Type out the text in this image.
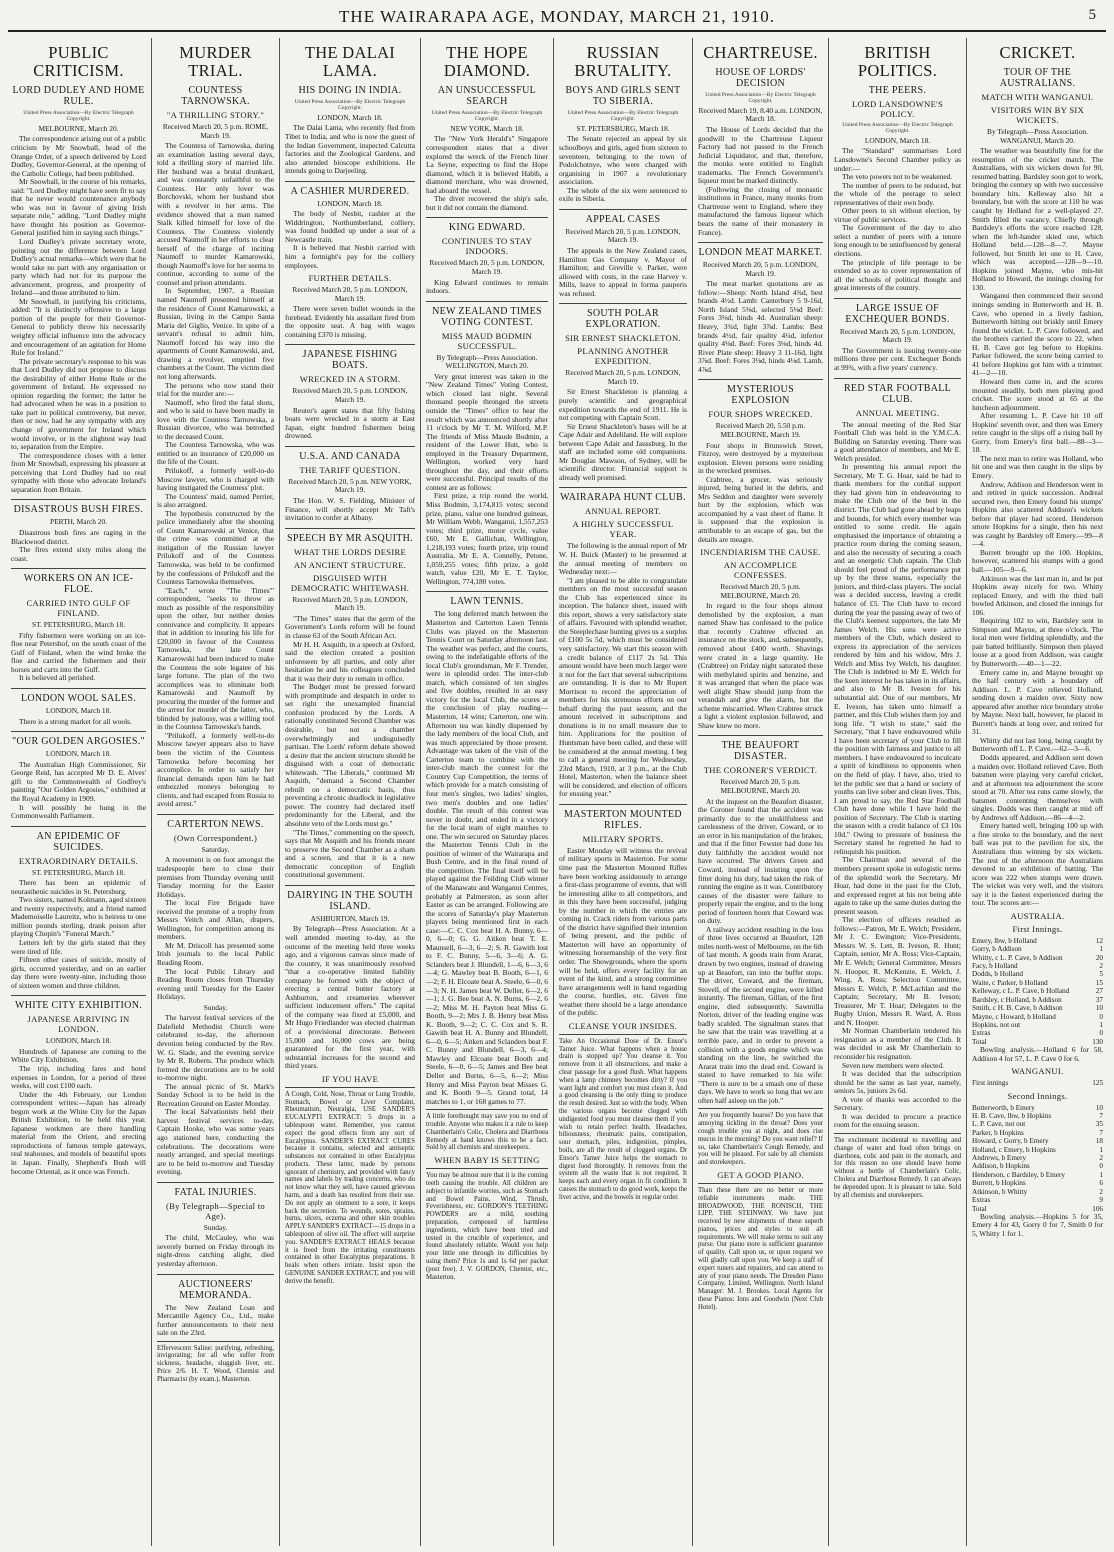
THE WAIRARAPA AGE, MONDAY, MARCH 21, 1910.	5
PUBLIC CRITICISM.
LORD DUDLEY AND HOME RULE.
United Press Association—By Electric Telegraph Copyright.
MELBOURNE, March 20.
The correspondence arising out of a public criticism by Mr Snowball, head of the Orange Order, of a speech delivered by Lord Dudley, Governor-General, at the opening of the Catholic College, had been published.
Mr Snowball, in the course of his remarks, said: "Lord Dudley might have seen fit to say that he never would countenance anybody who was not in favour of giving Irish separate rule," adding, "Lord Dudley might have thought his position as Governor-General justified him in saying such things."
Lord Dudley's private secretary wrote, pointing out the difference between Lord Dudley's actual remarks—which were that he would take no part with any organisation or party which had not for its purpose the advancement, progress, and prosperity of Ireland—and those attributed to him.
Mr Snowball, in justifying his criticisms, added: "It is distinctly offensive to a large portion of the people for their Governor-General to publicly throw his necessarily weighty official influence into the advocacy and encouragement of an agitation for Home Rule for Ireland."
The private secretary's response to his was that Lord Dudley did not propose to discuss the desirability of either Home Rule or the government of Ireland. He expressed no opinion regarding the former; the latter he had advocated when he was in a position to take part in political controversy, but never, then or now, had he any sympathy with any change of government for Ireland which would involve, or in the slightest way lead to, separation from the Empire.
The correspondence closes with a letter from Mr Snowball, expressing his pleasure at perceiving that Lord Dudley had no real sympathy with those who advocate Ireland's separation from Britain.
DISASTROUS BUSH FIRES.
PERTH, March 20.
Disastrous bush fires are raging in the Blackwood district.
The fires extend sixty miles along the coast.
WORKERS ON AN ICE-FLOE.
CARRIED INTO GULF OF FINLAND.
ST. PETERSBURG, March 18.
Fifty fishermen were working on an ice-floe near Petershof, on the south coast of the Gulf of Finland, when the wind broke the floe and carried the fishermen and their horses and carts into the Gulf.
It is believed all perished.
LONDON WOOL SALES.
LONDON, March 18.
There is a strong market for all wools.
"OUR GOLDEN ARGOSIES."
LONDON, March 18.
The Australian High Commissioner, Sir George Reid, has accepted Mr D. E. Alves' gift to the Commonwealth of Godfrey's painting "Our Golden Argosies," exhibited at the Royal Academy in 1909.
It will possibly be hung in the Commonwealth Parliament.
AN EPIDEMIC OF SUICIDES.
EXTRAORDINARY DETAILS.
ST. PETERSBURG, March 18.
There has been an epidemic of neurasthenic suicides in St. Petersburg.
Two sisters, named Kolmann, aged sixteen and twenty respectively, and a friend named Mademoiselle Laureitz, who is heiress to one million pounds sterling, drank poison after playing Chopin's "Funeral March."
Letters left by the girls stated that they were tired of life.
Fifteen other cases of suicide, mostly of girls, occurred yesterday, and on an earlier day there were twenty-nine, including those of sixteen women and three children.
WHITE CITY EXHIBITION.
JAPANESE ARRIVING IN LONDON.
LONDON, March 18.
Hundreds of Japanese are coming to the White City Exhibition.
The trip, including fares and hotel expenses in London, for a period of three weeks, will cost £100 each.
Under the 4th February, our London correspondent writes:—Japan has already begun work at the White City for the Japan British Exhibition, to be held this year. Japanese workmen are there handling material from the Orient, and erecting reproductions of famous temple gateways, real teahouses, and models of beautiful spots in Japan. Finally, Shepherd's Bush will become Oriental, as it once was French.
MURDER TRIAL.
COUNTESS TARNOWSKA.
"A THRILLING STORY."
Received March 20, 5 p.m. ROME, March 19.
The Countess of Tarnowska, during an examination lasting several days, told a thrilling story of married life. Her husband was a brutal drunkard, and was constantly unfaithful to the Countess. Her only lover was Borchovski, whom her husband shot with a revolver in her arms. The evidence showed that a man named Stalk killed himself for love of the Countess. The Countess violently accused Naumoff in her efforts to clear herself of the charge of inciting Naumoff to murder Kamarowski, though Naumoff's love for her seems to continue, according to some of the counsel and prison attendants.
In September, 1907, a Russian named Naumoff presented himself at the residence of Count Kamarowski, a Russian, living in the Campo Santa Maria del Giglio, Venice. In spite of a servant's refusal to admit him, Naumoff forced his way into the apartments of Count Kamarowski, and, drawing a revolver, emptied five chambers at the Count. The victim died not long afterwards.
The persons who now stand their trial for the murder are:—
Naumoff, who fired the fatal shots, and who is said to have been madly in love with the Countess Tarnowska, a Russian divorcee, who was betrothed to the deceased Count.
The Countess Tarnowska, who was entitled to an insurance of £20,000 on the life of the Count.
Prilukoff, a formerly well-to-do Moscow lawyer, who is charged with having instigated the Countess' plot.
The Countess' maid, named Perrier, is also arraigned.
The hypothesis constructed by the police immediately after the shooting of Count Kamarowski at Venice, that the crime was committed at the instigation of the Russian lawyer Prilukoff and of the Countess Tarnowska, was held to be confirmed by the confessions of Prilukoff and the Countess Tarnowska themselves.
"Each," wrote "The Times'" correspondent, "seeks to throw as much as possible of the responsibility upon the other, but neither denies connivance and complicity. It appears that in addition to insuring his life for £20,000 in favour of the Countess Tarnowska, the late Count Kamarowski had been induced to make the Countess the sole legatee of his large fortune. The plan of the two accomplices was to eliminate both Kamarowski and Naumoff by procuring the murder of the former and the arrest for murder of the latter, who, blinded by jealousy, was a willing tool in the Countess Tarnowska's hands.
"Prilukoff, a formerly well-to-do Moscow lawyer appears also to have been the victim of the Countess Tarnowska before becoming her accomplice. In order to satisfy her financial demands upon him he had embezzled moneys belonging to clients, and had escaped from Russia to avoid arrest."
CARTERTON NEWS.
(Own Correspondent.)
Saturday.
A movement is on foot amongst the tradespeople here to close their premises from Thursday evening until Tuesday morning for the Easter Holidays.
The local Fire Brigade have received the promise of a trophy from Messrs Veitch and Allan, drapers, Wellington, for competition among its members.
Mr M. Driscoll has presented some Irish journals to the local Public Reading Room.
The local Public Library and Reading Room closes from Thursday evening until Tuesday for the Easter Holidays.
Sunday.
The harvest festival services of the Dalefield Methodist Church were celebrated to-day, the afternoon devotion being conducted by the Rev. W. G. Slade, and the evening service by Mr R. Roberts. The produce which formed the decorations are to be sold to-morrow night.
The annual picnic of St. Mark's Sunday School is to be held in the Recreation Ground on Easter Monday.
The local Salvationists held their harvest festival services to-day, Captain Hooke, who was some years ago stationed here, conducting the celebrations. The decorations were neatly arranged, and special meetings are to be held to-morrow and Tuesday evening.
FATAL INJURIES.
(By Telegraph—Special to Age).
Sunday.
The child, McCauley, who was severely burned on Friday through its night-dress catching alight, died yesterday afternoon.
AUCTIONEERS' MEMORANDA.
The New Zealand Loan and Mercantile Agency Co., Ltd., make further announcements to their next sale on the 23rd.
Effervescent Saline: purifying, refreshing, invigorating; for all who suffer from sickness, headache, sluggish liver, etc. Price 2/6. H. T. Wood, Chemist and Pharmacist (by exam.), Masterton.
THE DALAI LAMA.
HIS DOING IN INDIA.
United Press Association—By Electric Telegraph Copyright.
LONDON, March 18.
The Dalai Lama, who recently fled from Tibet to India, and who is now the guest of the Indian Government, inspected Calcutta factories and the Zoological Gardens, and also attended bioscope exhibitions. He intends going to Darjeeling.
A CASHIER MURDERED.
LONDON, March 18.
The body of Nesbit, cashier at the Widdrington, Northumberland, colliery, was found huddled up under a seat of a Newcastle train.
It is believed that Nesbit carried with him a fortnight's pay for the colliery employees.
FURTHER DETAILS.
Received March 20, 5 p.m. LONDON, March 19.
There were seven bullet wounds in the forehead. Evidently his assailant fired from the opposite seat. A bag with wages containing £370 is missing.
JAPANESE FISHING BOATS.
WRECKED IN A STORM.
Received March 20, 5 p.m. LONDON, March 19.
Reuter's agent states that fifty fishing boats were wrecked in a storm at East Japan, eight hundred fishermen being drowned.
U.S.A. AND CANADA
THE TARIFF QUESTION.
Received March 20, 5 p.m. NEW YORK, March 19.
The Hon. W. S. Fielding, Minister of Finance, will shortly accept Mr Taft's invitation to confer at Albany.
SPEECH BY MR ASQUITH.
WHAT THE LORDS DESIRE
AN ANCIENT STRUCTURE.
DISGUISED WITH DEMOCRATIC WHITEWASH.
Received March 20, 5 p.m. LONDON, March 19.
"The Times" states that the germ of the Government's Lords reform will be found in clause 63 of the South African Act.
Mr H. H. Asquith, in a speech at Oxford, said the election created a position unforeseen by all parties, and only after hesitation he and his colleagues concluded that it was their duty to remain in office.
The Budget must be pressed forward with promptitude and despatch in order to set right the unexampled financial confusion produced by the Lords. A rationally constituted Second Chamber was desirable, but not a chamber overwhelmingly and undisguisedly partisan. The Lords' reform debate showed a desire that the ancient structure should be disguised with a coat of democratic whitewash. "The Liberals," continued Mr Asquith, "demand a Second Chamber rebuilt on a democratic basis, thus preventing a chronic deadlock in legislative power. The country had declared itself predominantly for the Liberal, and the absolute veto of the Lords must go."
"The Times," commenting on the speech, says that Mr Asquith and his friends meant to preserve the Second Chamber as a sham and a screen, and that it is a new democratic conception of English constitutional government.
DAIRYING IN THE SOUTH ISLAND.
ASHBURTON, March 19.
By Telegraph—Press Association. At a well attended meeting to-day, as the outcome of the meeting held three weeks ago, and a vigorous canvas since made of the country, it was unanimously resolved "that a co-operative limited liability company be formed with the object of erecting a central butter factory at Ashburton, and creameries wherever sufficient inducement offers." The capital of the company was fixed at £5,000, and Mr Hugo Friedlander was elected chairman of a provisional directorate. Between 15,000 and 16,000 cows are being guaranteed for the first year, with substantial increases for the second and third years.
IF YOU HAVE
A Cough, Cold, Nose, Throat or Lung Trouble, Stomach, Bowel or Liver Complaint, Rheumatism, Neuralgia, USE SANDER'S EUCALYPTI EXTRACT: 5 drops in a tablespoon water. Remember, you cannot expect the good effects from any sort of Eucalyptus. SANDER'S EXTRACT CURES because it contains, selected and antiseptic substances not contained in other Eucalyptus products. These latter, made by persons ignorant of chemistry, and provided with fancy names and labels by trading concerns, who do not know what they sell, have caused grievous harm, and a death has resulted from their use. Do not apply an ointment to a sore, it keeps back the secretion. To wounds, sores, sprains, burns, ulcers, eczema and other skin troubles APPLY SANDER'S EXTRACT—15 drops in a tablespoon of olive oil. The effect will surprise you. SANDER'S EXTRACT HEALS because it is freed from the irritating constituents contained in other Eucalyptus preparations. It heals when others irritate. Insist upon the GENUINE SANDER EXTRACT, and you will derive the benefit.
THE HOPE DIAMOND.
AN UNSUCCESSFUL SEARCH
United Press Association—By Electric Telegraph Copyright.
NEW YORK, March 18.
The "New York Herald's" Singapore correspondent states that a diver explored the wreck of the French liner La Seyne, expecting to find the Hope diamond, which it is believed Habib, a diamond merchant, who was drowned, had aboard the vessel.
The diver recovered the ship's safe, but it did not contain the diamond.
KING EDWARD.
CONTINUES TO STAY INDOORS.
Received March 20, 5 p.m. LONDON, March 19.
King Edward continues to remain indoors.
NEW ZEALAND TIMES VOTING CONTEST.
MISS MAUD BODMIN SUCCESSFUL.
By Telegraph—Press Association. WELLINGTON, March 20.
Very great interest was taken in the "New Zealand Times" Voting Contest, which closed last night. Several thousand people thronged the streets outside the "Times" office to hear the result which was announced shortly after 11 o'clock by Mr T. M. Wilford, M.P. The friends of Miss Maude Bodmin, a resident of the Lower Hutt, who is employed in the Treasury Department, Wellington, worked very hard throughout the day, and their efforts were successful. Principal results of the contest are as follows:
First prize, a trip round the world, Miss Bodmin, 3,174,815 votes; second prize, piano, value one hundred guineas, Mr William Webb, Wanganui, 1,557,253 votes; third prize, motor cycle, value £60, Mr E. Gallichan, Wellington, 1,218,193 votes; fourth prize, trip round Australia, Mr E. A. Connelly, Petone, 1,059,255 votes; fifth prize, a gold watch, value £20, Mr E. T. Taylor, Wellington, 774,180 votes.
LAWN TENNIS.
The long deferred match between the Masterton and Carterton Lawn Tennis Clubs was played on the Masterton Tennis Court on Saturday afternoon last. The weather was perfect, and the courts, owing to the indefatigable efforts of the local Club's groundsman, Mr F. Trender, were in splendid order. The inter-club match, which consisted of ten singles and five doubles, resulted in an easy victory for the local Club, the scores at the conclusion of play reading—Masterton, 14 wins; Carterton, one win. Afternoon tea was kindly dispensed by the lady members of the local Club, and was much appreciated by those present. Advantage was taken of the visit of the Carterton team to combine with the inter-club match the contest for the Country Cup Competition, the terms of which provide for a match consisting of four men's singles, two ladies' singles, two men's doubles and one ladies' double. The result of this contest was never in doubt, and ended in a victory for the local team of eight matches to one. The win secured on Saturday places the Masterton Tennis Club in the position of winner of the Wairarapa and Bush Centre, and in the final round of the competition. The final itself will be played against the Feilding Club winner of the Manawatu and Wanganui Centres, probably at Palmerston, as soon after Easter as can be arranged. Following are the scores of Saturday's play Masterton players being mentioned first in each case:—C. C. Cox beat H. A. Bunny, 6—0, 6—0; G. G. Aitken beat T. E. Maunsell, 6—3, 6—2; S. R. Gawith lost to F. C. Bunny, 5—6, 3—6; A. G. Sclanders beat J. Blundell, 1—6, 6—3, 6—4; G. Mawley beat B. Booth, 6—1, 6—2; F. H. Elcoate beat A. Steele, 6—0, 6—3; N. H. James beat W. Deller, 6—2, 6—1; J. G. Bee beat A. N. Burns, 6—2, 6—2; Miss M. H. Payton beat Miss G. Booth, 9—2; Mrs J. B. Henry beat Miss K. Booth, 9—2; C. C. Cox and S. R. Gawith beat H. A. Bunny and Blundell, 6—0, 6—5; Aitken and Sclanders beat F. C. Bunny and Blundell, 6—3, 6—4; Mawley and Elcoate beat Booth and Steele, 6—0, 6—5; James and Bee beat Deller and Burns, 6—5, 6—2; Miss Henry and Miss Payton beat Misses G. and K. Booth 9—5. Grand total, 14 matches to 1, or 168 games to 77.
A little forethought may save you no end of trouble. Anyone who makes it a rule to keep Chamberlain's Colic, Cholera and Diarrhoea Remedy at hand knows this to be a fact. Sold by all chemists and storekeepers.
WHEN BABY IS SETTING
You may be almost sure that it is the coming teeth causing the trouble. All children are subject to infantile worries, such as Stomach and Bowel Pains, Wind, Thrush, Feverishness, etc. GORDON'S TEETHING POWDERS are a mild, soothing preparation, composed of harmless ingredients, which have been tried and tested in the crucible of experience, and found absolutely reliable. Would you help your little one through its difficulties by using them? Price 1s and 1s 6d per packet (post free). J. V. GORDON, Chemist, etc., Masterton.
RUSSIAN BRUTALITY.
BOYS AND GIRLS SENT TO SIBERIA.
United Press Association—By Electric Telegraph Copyright.
ST. PETERSBURG, March 18.
The Senate rejected an appeal by six schoolboys and girls, aged from sixteen to seventeen, belonging to the town of Podolchotnye, who were charged with organising in 1907 a revolutionary association.
The whole of the six were sentenced to exile in Siberia.
APPEAL CASES
Received March 20, 5 p.m. LONDON, March 19.
The appeals in the New Zealand cases, Hamilton Gas Company v. Mayor of Hamilton; and Greville v. Parker, were allowed with costs, in the case Harvey v. Mills, leave to appeal in forma pauperis was refused.
SOUTH POLAR EXPLORATION.
SIR ERNEST SHACKLETON.
PLANNING ANOTHER EXPEDITION.
Received March 20, 5 p.m. LONDON, March 19.
Sir Ernest Shackleton is planning a purely scientific and geographical expedition towards the end of 1911. He is not competing with Captain Scott.
Sir Ernest Shackleton's bases will be at Cape Adair and Adeliland. He will explore between Cape Adair and Jaussburg. In the staff are included some old companions. Mr Douglas Mawson, of Sydney, will be scientific director. Financial support is already well promised.
WAIRARAPA HUNT CLUB.
ANNUAL REPORT.
A HIGHLY SUCCESSFUL YEAR.
The following is the annual report of Mr W. H. Buick (Master) to be presented at the annual meeting of members on Wednesday next:—
"I am pleased to be able to congratulate members on the most successful season the Club has experienced since its inception. The balance sheet, issued with this report, shows a very satisfactory state of affairs. Favoured with splendid weather, the Steeplechase hunting gives us a surplus of £100 5s 5d, which must be considered very satisfactory. We start this season with a credit balance of £117 2s 5d. This amount would have been much larger were it not for the fact that several subscriptions are outstanding. It is due to Mr Rupert Morrison to record the appreciation of members for his strenuous efforts on our behalf during the past season, and the amount received in subscriptions and donations is in no small measure due to him. Applications for the position of Huntsman have been called, and these will be considered at the annual meeting. I beg to call a general meeting for Wednesday, 23rd March, 1910, at 3 p.m., at the Club Hotel, Masterton, when the balance sheet will be considered, and election of officers for ensuing year."
MASTERTON MOUNTED RIFLES.
MILITARY SPORTS.
Easter Monday will witness the revival of military sports in Masterton. For some time past the Masterton Mounted Rifles have been working assiduously to arrange a first-class programme of events, that will be interesting alike to all competitors, and in this they have been successful, judging by the number in which the entries are coming in. Crack riders from various parts of the district have signified their intention of being present, and the public of Masterton will have an opportunity of witnessing horsemanship of the very first order. The Showgrounds, where the sports will be held, offers every facility for an event of the kind, and a strong committee have arrangements well in hand regarding the course, hurdles, etc. Given fine weather there should be a large attendance of the public.
CLEANSE YOUR INSIDES.
Take An Occasional Dose of Dr. Ensor's Tamer Juice. What happens when a house drain is stopped up? You cleanse it. You remove from it all obstructions, and make a clear passage for a good flush. What happens when a lamp chimney becomes dirty? If you want light and comfort you must clean it. And a good cleansing is the only thing to produce the result desired. Just so with the body. When the various organs become clogged with undigested food you must cleanse them if you wish to retain perfect health. Headaches, biliousness, rheumatic pains, constipation, sour stomach, piles, indigestion, pimples, boils, are all the result of clogged organs. Dr Ensor's Tamer Juice helps the stomach to digest food thoroughly. It removes from the system all the waste that is not required. It keeps each and every organ in fit condition. It causes the stomach to do good work, keeps the liver active, and the bowels in regular order.
CHARTREUSE.
HOUSE OF LORDS' DECISION
United Press Association—By Electric Telegraph Copyright.
Received March 19, 8.40 a.m. LONDON, March 18.
The House of Lords decided that the goodwill to the Chartreuse Liqueur Factory had not passed to the French Judicial Liquidator, and that, therefore, the monks were entitled to English trademarks. The French Government's liqueur must be marked distinctly.
(Following the closing of monastic institutions in France, many monks from Chartreuse went to England, where they manufactured the famous liqueur which bears the name of their monastery in France).
LONDON MEAT MARKET.
Received March 20, 5 p.m. LONDON, March 19.
The meat market quotations are as follow:—Sheep: North Island 4¾d, best brands 4½d. Lamb: Canterbury 5 9-16d, North Island 5⅜d, selected 5⅛d Beef: Fores 3⅛d, hinds 4d. Australian sheep: Heavy, 3¾d, light 3⅞d. Lambs: Best brands 4½d, fair quality 4¼d, inferior quality 4⅛d. Beef: Fores 3⅛d, hinds 4d. River Plate sheep: Heavy 3 11-16d, light 3⅞d. Beef: Fores 3⅛d, hinds 4⅛d. Lamb, 4⅞d.
MYSTERIOUS EXPLOSION
FOUR SHOPS WRECKED.
Received March 20, 5.50 p.m. MELBOURNE, March 19.
Four shops in Brunswick Street, Fitzroy, were destroyed by a mysterious explosion. Eleven persons were residing in the wrecked premises.
Crabtree, a grocer, was seriously injured, being buried in the debris, and Mrs Seddon and daughter were severely hurt by the explosion, which was accompanied by a vast sheet of flame. It is supposed that the explosion is attributable to an escape of gas, but the details are meagre.
INCENDIARISM THE CAUSE.
AN ACCOMPLICE CONFESSES.
Received March 20, 5 p.m. MELBOURNE, March 20.
In regard to the four shops almost demolished by the explosion, a man named Shaw has confessed to the police that recently Crabtree effected an insurance on the stock, and, subsequently, removed about £400 worth. Shavings were crated in a large quantity. He (Crabtree) on Friday night saturated these with methylated spirits and benzine, and it was arranged that when the place was well alight Shaw should jump from the verandah and give the alarm, but the scheme miscarried. When Crabtree struck a light a violent explosion followed, and Shaw knew no more.
THE BEAUFORT DISASTER.
THE CORONER'S VERDICT.
Received March 20, 5 p.m. MELBOURNE, March 20.
At the inquest on the Beaufort disaster, the Coroner found that the accident was primarily due to the unskilfulness and carelessness of the driver, Coward, or to an error in his manipulation of the brakes, and that if the fitter Fewster had done his duty faithfully the accident would not have occurred. The drivers Green and Coward, instead of insisting upon the fitter doing his duty, had taken the risk of running the engine as it was. Contributory causes of the disaster were failure to properly repair the engine, and to the long period of fourteen hours that Coward was on duty.
A railway accident resulting in the loss of three lives occurred at Beaufort, 128 miles north-west of Melbourne, on the 6th of last month. A goods train from Ararat, drawn by two engines, instead of drawing up at Beaufort, ran into the buffer stops. The driver, Coward, and the fireman, Stovell, of the second engine, were killed instantly. The fireman, Gillan, of the first engine, died subsequently. Sawmilla Norton, driver of the leading engine was badly scalded. The signalman states that he saw that the train was travelling at a terrible pace, and in order to prevent a collision with a goods engine which was standing on the line, he switched the Ararat train into the dead end. Coward is stated to have remarked to his wife: "There is sure to be a smash one of these days. We have to work so long that we are often half asleep on the job."
Are you frequently hoarse? Do you have that annoying tickling in the throat? Does your cough trouble you at night, and does rise mucus in the morning? Do you want relief? If so, take Chamberlain's Cough Remedy, and you will be pleased. For sale by all chemists and storekeepers.
GET A GOOD PIANO.
Than these there are no better or more reliable instruments made. THE BROADWOOD, THE RONISCH, THE LIPP, THE STEINWAY. We have just received by new shipments of these superb pianos, prices and styles to suit all requirements. We will make terms to suit any purse. Our piano store is sufficient guarantee of quality. Call upon us, or upon request we will gladly call upon you. We keep a staff of expert tuners and repairers, and can attend to any of your piano needs. The Dresden Piano Company, Limited, Wellington. North Island Manager: M. J. Brookes. Local Agents for these Pianos: Ions and Goodwin (Next Club Hotel).
BRITISH POLITICS.
THE PEERS.
LORD LANSDOWNE'S POLICY.
United Press Association—By Electric Telegraph Copyright.
LONDON, March 18.
The "Standard" summarises Lord Lansdowne's Second Chamber policy as under:—
The veto powers not to be weakened.
The number of peers to be reduced, but the whole of the peerage to select representatives of their own body.
Other peers to sit without election, by virtue of public services.
The Government of the day to also select a number of peers with a tenure long enough to be uninfluenced by general elections.
The principle of life peerage to be extended so as to cover representation of all the schools of political thought and great interests of the country.
LARGE ISSUE OF EXCHEQUER BONDS.
Received March 20, 5 p.m. LONDON, March 19.
The Government is issuing twenty-one millions three per cent. Exchequer Bonds at 99¾, with a five years' currency.
RED STAR FOOTBALL CLUB.
ANNUAL MEETING.
The annual meeting of the Red Star Football Club was held in the Y.M.C.A. Building on Saturday evening. There was a good attendance of members, and Mr E. Welch presided.
In presenting his annual report the Secretary, Mr T. G. Hoar, said he had to thank members for the cordial support they had given him in endeavouring to make the Club one of the best in the district. The Club had gone ahead by leaps and bounds, for which every member was entitled to some credit. He again emphasised the importance of obtaining a practice room during the coming season, and also the necessity of securing a coach and an energetic Club captain. The Club should feel proud of the performance put up by the three teams, especially the juniors, and third-class players. The social was a decided success, leaving a credit balance of £5. The Club have to record during the year the passing away of two of the Club's keenest supporters, the late Mr James Welch. His sons were active members of the Club, which desired to express its appreciation of the services rendered by him and his widow, Mrs J. Welch and Miss Ivy Welch, his daughter. The Club is indebted to Mr E. Welch for the keen interest he has taken in its affairs, and also to Mr B. Iveson for his substantial aid. One of our members, Mr E. Iveson, has taken unto himself a partner, and this Club wishes them joy and long life. "I wish to state," said the Secretary, "that I have endeavoured while I have been secretary of your Club to fill the position with fairness and justice to all members. I have endeavoured to inculcate a spirit of kindliness to opponents when on the field of play. I have, also, tried to let the public see that a band or society of youths can live sober and clean lives. This, I am proud to say, the Red Star Football Club have done while I have held the position of Secretary. The Club is starting the season with a credit balance of £3 10s 10d." Owing to pressure of business the Secretary stated he regretted he had to relinquish his position.
The Chairman and several of the members present spoke in eulogistic terms of the splendid work the Secretary, Mr Hoar, had done in the past for the Club, and expressed regret at his not being able again to take up the same duties during the present season.
The election of officers resulted as follows:—Patron, Mr E. Welch; President, Mr J. C. Ewington; Vice-Presidents, Messrs W. S. Lett, B. Iveson, R. Hunt; Captain, senior, Mr A. Ross; Vice-Captain, Mr E. Welch; General Committee, Messrs N. Hooper, R. McKenzie, E. Welch, J. Wing, A. Ross; Selection Committee, Messrs E. Welch, P. McLachlan and the Captain; Secretary, Mr B. Iveson; Treasurer, Mr T. Hoar; Delegates to the Rugby Union, Messrs R. Ward, A. Ross and N. Hooper.
Mr Norman Chamberlain tendered his resignation as a member of the Club. It was decided to ask Mr Chamberlain to reconsider his resignation.
Seven new members were elected.
It was decided that the subscription should be the same as last year, namely, seniors 5s, juniors 2s 6d.
A vote of thanks was accorded to the Secretary.
It was decided to procure a practice room for the ensuing season.
The excitement incidental to travelling and change of water and food often brings on diarrhoea, colic and pain in the stomach, and for this reason no one should leave home without a bottle of Chamberlain's Colic, Cholera and Diarrhoea Remedy. It can always be depended upon. It is pleasant to take. Sold by all chemists and storekeepers.
CRICKET.
TOUR OF THE AUSTRALIANS.
MATCH WITH WANGANUI.
VISITORS WIN BY SIX WICKETS.
By Telegraph—Press Association. WANGANUI, March 20.
The weather was beautifully fine for the resumption of the cricket match. The Australians, with six wickets down for 90, resumed batting. Bardsley soon got to work, bringing the century up with two successive boundary hits. Kelleway also hit a boundary, but with the score at 110 he was caught by Holland for a well-played 27. Smith filled the vacancy. Chiefly through Bardsley's efforts the score reached 128, when the left-hander skied one, which Holland held.—128—8—7. Mayne followed, but Smith let one to H. Cave, which was accepted.—128—9—10. Hopkins joined Mayne, who mis-hit Holland to Howard, the innings closing for 130.
Wanganui then commenced their second innings sending in Butterworth and H. B. Cave, who opened in a lively fashion, Butterworth hitting out briskly until Emery found the wicket. L. P. Cave followed, and the brothers carried the score to 22, when H. B. Cave got leg before to Hopkins. Parker followed, the score being carried to 41 before Hopkins got him with a trimmer. 41—2—10.
Howard then came in, and the scores mounted steadily, both men playing good cricket. The score stood at 65 at the luncheon adjournment.
After resuming L. P. Cave hit 10 off Hopkins' seventh over, and then was Emery retire caught in the slips off a rising ball by Gorry, from Emery's first ball.—88—3—18.
The next man to retire was Holland, who hit one and was then caught in the slips by Emery.
Andrew, Addison and Henderson went in and retired in quick succession. Andreal secured two, then Emery found his stumps' Hopkins also scattered Addison's wickets before that player had scored. Henderson smote Hopkins for a single, then his next was caught by Bardsley off Emery.—99—8—4.
Burrett brought up the 100. Hopkins, however, scattered his stumps with a good ball.—105—9—6.
Atkinson was the last man in, and he put Hopkins away nicely for two. Whitty replaced Emery, and with the third ball bowled Atkinson, and closed the innings for 106.
Requiring 102 to win, Bardsley sent in Simpson and Mayne, at three o'clock. The local men were fielding splendidly, and the pair batted brilliantly. Simpson then played loose at a good from Addison, was caught by Butterworth.—40—1—22.
Emery came in, and Mayne brought up the half century with a boundary off Addison. L. P. Cave relieved Holland, sending down a maiden over. Sixty now appeared after another nice boundary stroke by Mayne. Next ball, however, he placed in Burrett's hands at long over, and retired for 31.
Whitty did not last long, being caught by Butterworth off L. P. Cave.—62—3—6.
Dodds appeared, and Addison sent down a maiden over. Holland relieved Cave. Both batsmen were playing very careful cricket, and at afternoon tea adjournment the score stood at 70. After tea runs came slowly, the batsmen contenting themselves with singles. Dodds was then caught at mid off by Andrews off Addison.—86—4—2.
Emery batted well, bringing 100 up with a fine stroke to the boundary, and the next ball was put to the pavilion for six, the Australians thus winning by six wickets. The rest of the afternoon the Australians devoted to an exhibition of batting. The score was 222 when stumps were drawn. The wicket was very well, and the visitors say it is the fastest experienced during the tour. The scores are:—
AUSTRALIA.
First Innings.
Emery, lbw, b Holland	12
Gorry, b Addison	1
Whitty, c L. P. Cave, b Addison	20
Facy, b Holland	2
Dodds, b Holland	5
Waite, c Parker, b Holland	15
Kelleway, c L. P. Cave, b Holland	27
Bardsley, c Holland, b Addison	37
Smith, c H. B. Cave, b Addison	10
Mayne, c Howard, b Holland	0
Hopkins, not out	1
Extras	0
Total	130
Bowling analysis.—Holland 6 for 58, Addison 4 for 57, L. P. Cave 0 for 6.
WANGANUI.
First innings	125
Second Innings.
Butterworth, b Emery	10
H. B. Cave, lbw, b Hopkins	7
L. P. Cave, not out	35
Parker, b Hopkins	7
Howard, c Gorry, b Emery	18
Holland, c Emery, b Hopkins	1
Andrews, b Emery	2
Addison, b Hopkins	0
Henderson, c Bardsley, b Emery	1
Burrett, b Hopkins	6
Atkinson, b Whitty	2
Extras	9
Total	106
Bowling analysis.—Hopkins 5 for 35, Emery 4 for 43, Gorry 0 for 7, Smith 0 for 5, Whitty 1 for 1.
